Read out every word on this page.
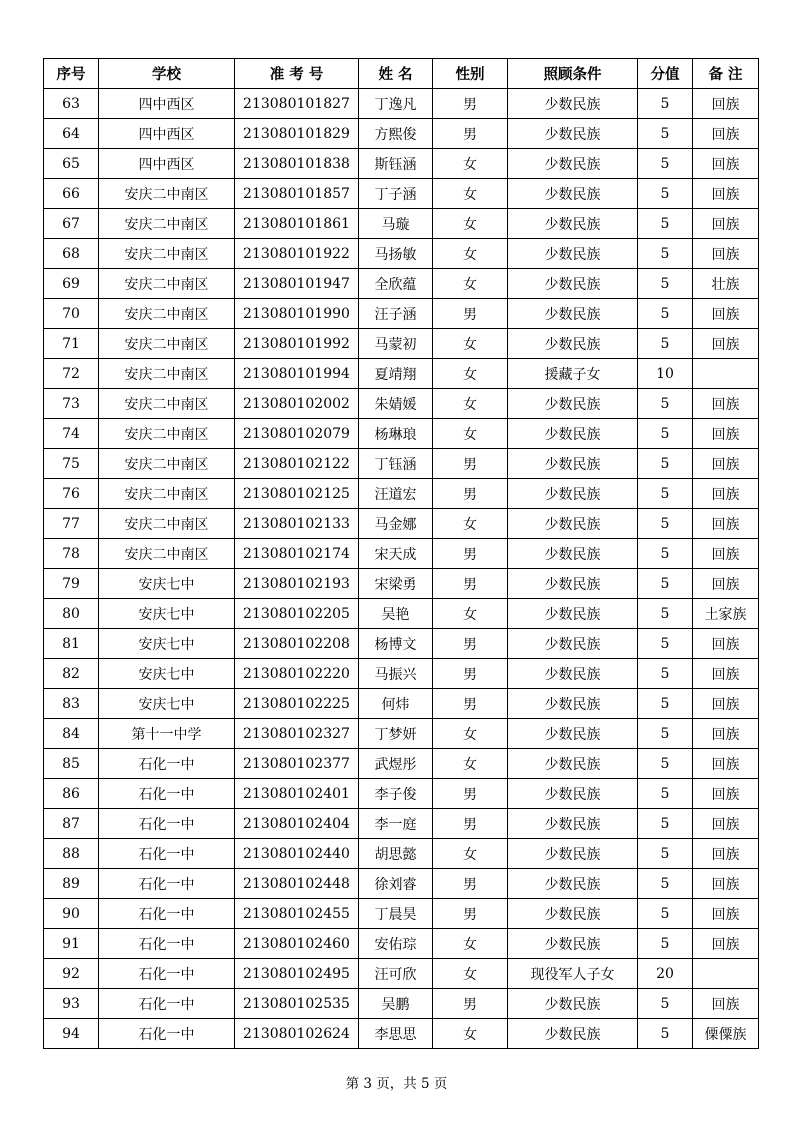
序号	学校	准 考 号	姓 名	性别	照顾条件	分值	备 注
63	四中西区	213080101827	丁逸凡	男	少数民族	5	回族
64	四中西区	213080101829	方熙俊	男	少数民族	5	回族
65	四中西区	213080101838	斯钰涵	女	少数民族	5	回族
66	安庆二中南区	213080101857	丁子涵	女	少数民族	5	回族
67	安庆二中南区	213080101861	马璇	女	少数民族	5	回族
68	安庆二中南区	213080101922	马扬敏	女	少数民族	5	回族
69	安庆二中南区	213080101947	全欣蕴	女	少数民族	5	壮族
70	安庆二中南区	213080101990	汪子涵	男	少数民族	5	回族
71	安庆二中南区	213080101992	马蒙初	女	少数民族	5	回族
72	安庆二中南区	213080101994	夏靖翔	女	援藏子女	10	
73	安庆二中南区	213080102002	朱婧媛	女	少数民族	5	回族
74	安庆二中南区	213080102079	杨琳琅	女	少数民族	5	回族
75	安庆二中南区	213080102122	丁钰涵	男	少数民族	5	回族
76	安庆二中南区	213080102125	汪道宏	男	少数民族	5	回族
77	安庆二中南区	213080102133	马金娜	女	少数民族	5	回族
78	安庆二中南区	213080102174	宋天成	男	少数民族	5	回族
79	安庆七中	213080102193	宋梁勇	男	少数民族	5	回族
80	安庆七中	213080102205	吴艳	女	少数民族	5	土家族
81	安庆七中	213080102208	杨博文	男	少数民族	5	回族
82	安庆七中	213080102220	马振兴	男	少数民族	5	回族
83	安庆七中	213080102225	何炜	男	少数民族	5	回族
84	第十一中学	213080102327	丁梦妍	女	少数民族	5	回族
85	石化一中	213080102377	武煜彤	女	少数民族	5	回族
86	石化一中	213080102401	李子俊	男	少数民族	5	回族
87	石化一中	213080102404	李一庭	男	少数民族	5	回族
88	石化一中	213080102440	胡思懿	女	少数民族	5	回族
89	石化一中	213080102448	徐刘睿	男	少数民族	5	回族
90	石化一中	213080102455	丁晨昊	男	少数民族	5	回族
91	石化一中	213080102460	安佑琮	女	少数民族	5	回族
92	石化一中	213080102495	汪可欣	女	现役军人子女	20	
93	石化一中	213080102535	吴鹏	男	少数民族	5	回族
94	石化一中	213080102624	李思思	女	少数民族	5	傈僳族
第 3 页，共 5 页
